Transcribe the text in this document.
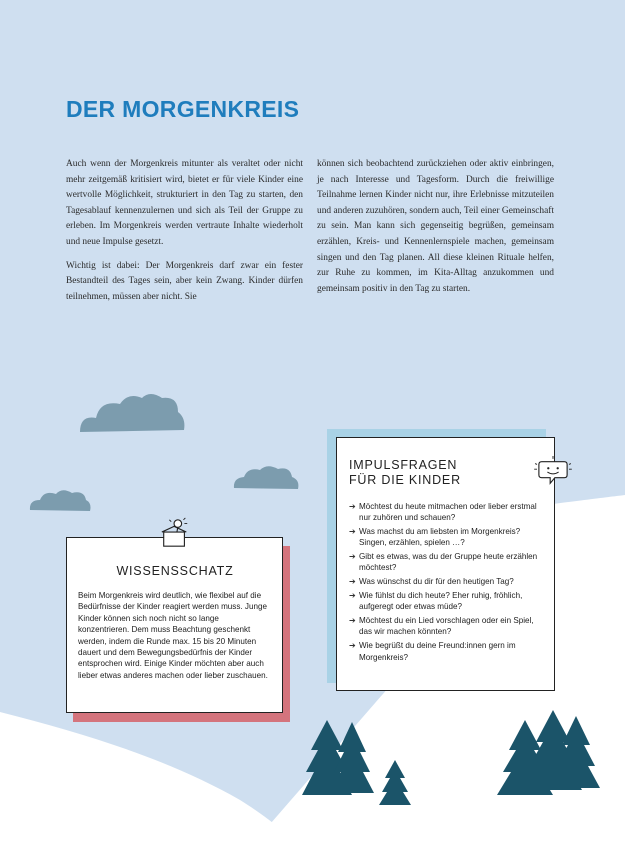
DER MORGENKREIS

Auch wenn der Morgenkreis mitunter als veraltet oder nicht mehr zeitgemäß kritisiert wird, bietet er für viele Kinder eine wertvolle Möglichkeit, strukturiert in den Tag zu starten, den Tagesablauf kennenzulernen und sich als Teil der Gruppe zu erleben. Im Morgenkreis werden vertraute Inhalte wiederholt und neue Impulse gesetzt.

Wichtig ist dabei: Der Morgenkreis darf zwar ein fester Bestandteil des Tages sein, aber kein Zwang. Kinder dürfen teilnehmen, müssen aber nicht. Sie

können sich beobachtend zurückziehen oder aktiv einbringen, je nach Interesse und Tagesform. Durch die freiwillige Teilnahme lernen Kinder nicht nur, ihre Erlebnisse mitzuteilen und anderen zuzuhören, sondern auch, Teil einer Gemeinschaft zu sein. Man kann sich gegenseitig begrüßen, gemeinsam erzählen, Kreis- und Kennenlernspiele machen, gemeinsam singen und den Tag planen. All diese kleinen Rituale helfen, zur Ruhe zu kommen, im Kita-Alltag anzukommen und gemeinsam positiv in den Tag zu starten.

WISSENSSCHATZ
Beim Morgenkreis wird deutlich, wie flexibel auf die Bedürfnisse der Kinder reagiert werden muss. Junge Kinder können sich noch nicht so lange konzentrieren. Dem muss Beachtung geschenkt werden, indem die Runde max. 15 bis 20 Minuten dauert und dem Bewegungsbedürfnis der Kinder entsprochen wird. Einige Kinder möchten aber auch lieber etwas anderes machen oder lieber zuschauen.
IMPULSFRAGEN
FÜR DIE KINDER
➔ Möchtest du heute mitmachen oder lieber erstmal nur zuhören und schauen?
➔ Was machst du am liebsten im Morgenkreis? Singen, erzählen, spielen …?
➔ Gibt es etwas, was du der Gruppe heute erzählen möchtest?
➔ Was wünschst du dir für den heutigen Tag?
➔ Wie fühlst du dich heute? Eher ruhig, fröhlich, aufgeregt oder etwas müde?
➔ Möchtest du ein Lied vorschlagen oder ein Spiel, das wir machen könnten?
➔ Wie begrüßt du deine Freund:innen gern im Morgenkreis?
